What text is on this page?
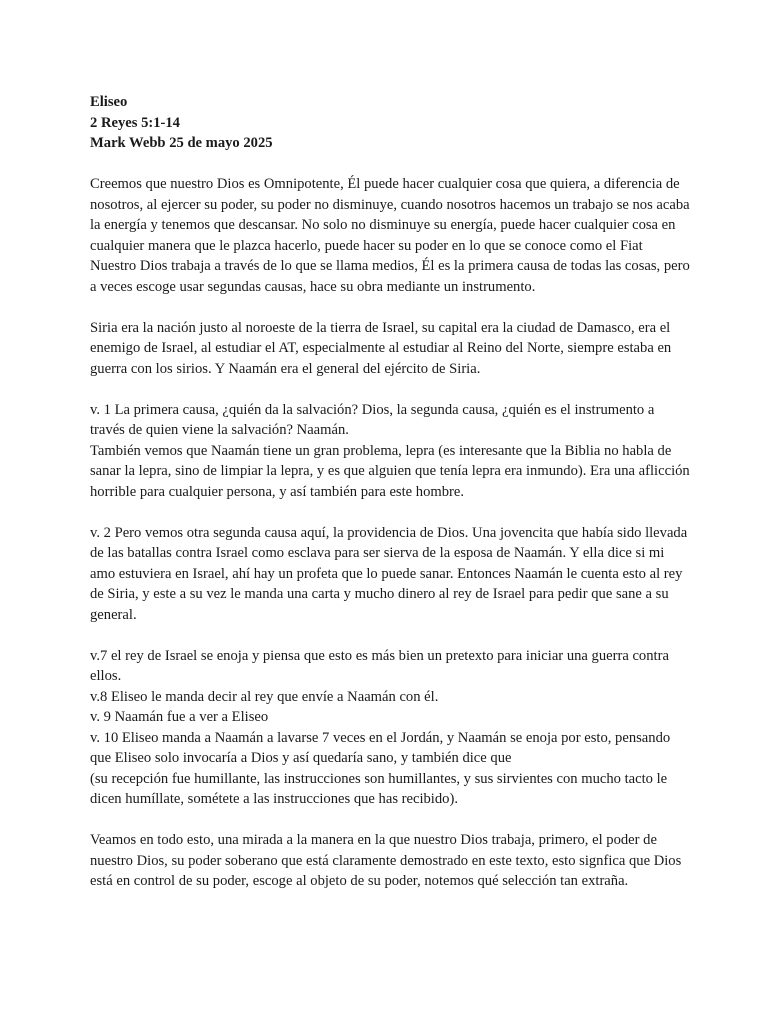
Eliseo
2 Reyes 5:1-14
Mark Webb 25 de mayo 2025

Creemos que nuestro Dios es Omnipotente, Él puede hacer cualquier cosa que quiera, a diferencia de nosotros, al ejercer su poder, su poder no disminuye, cuando nosotros hacemos un trabajo se nos acaba la energía y tenemos que descansar. No solo no disminuye su energía, puede hacer cualquier cosa en cualquier manera que le plazca hacerlo, puede hacer su poder en lo que se conoce como el Fiat

Nuestro Dios trabaja a través de lo que se llama medios, Él es la primera causa de todas las cosas, pero a veces escoge usar segundas causas, hace su obra mediante un instrumento.

Siria era la nación justo al noroeste de la tierra de Israel, su capital era la ciudad de Damasco, era el enemigo de Israel, al estudiar el AT, especialmente al estudiar al Reino del Norte, siempre estaba en guerra con los sirios. Y Naamán era el general del ejército de Siria.

v. 1 La primera causa, ¿quién da la salvación? Dios, la segunda causa, ¿quién es el instrumento a través de quien viene la salvación? Naamán.

También vemos que Naamán tiene un gran problema, lepra (es interesante que la Biblia no habla de sanar la lepra, sino de limpiar la lepra, y es que alguien que tenía lepra era inmundo). Era una aflicción horrible para cualquier persona, y así también para este hombre.

v. 2 Pero vemos otra segunda causa aquí, la providencia de Dios. Una jovencita que había sido llevada de las batallas contra Israel como esclava para ser sierva de la esposa de Naamán. Y ella dice si mi amo estuviera en Israel, ahí hay un profeta que lo puede sanar. Entonces Naamán le cuenta esto al rey de Siria, y este a su vez le manda una carta y mucho dinero al rey de Israel para pedir que sane a su general.

v.7 el rey de Israel se enoja y piensa que esto es más bien un pretexto para iniciar una guerra contra ellos.

v.8 Eliseo le manda decir al rey que envíe a Naamán con él.

v. 9 Naamán fue a ver a Eliseo

v. 10 Eliseo manda a Naamán a lavarse 7 veces en el Jordán, y Naamán se enoja por esto, pensando que Eliseo solo invocaría a Dios y así quedaría sano, y también dice que

(su recepción fue humillante, las instrucciones son humillantes, y sus sirvientes con mucho tacto le dicen humíllate, sométete a las instrucciones que has recibido).

Veamos en todo esto, una mirada a la manera en la que nuestro Dios trabaja, primero, el poder de nuestro Dios, su poder soberano que está claramente demostrado en este texto, esto signfica que Dios está en control de su poder, escoge al objeto de su poder, notemos qué selección tan extraña.
